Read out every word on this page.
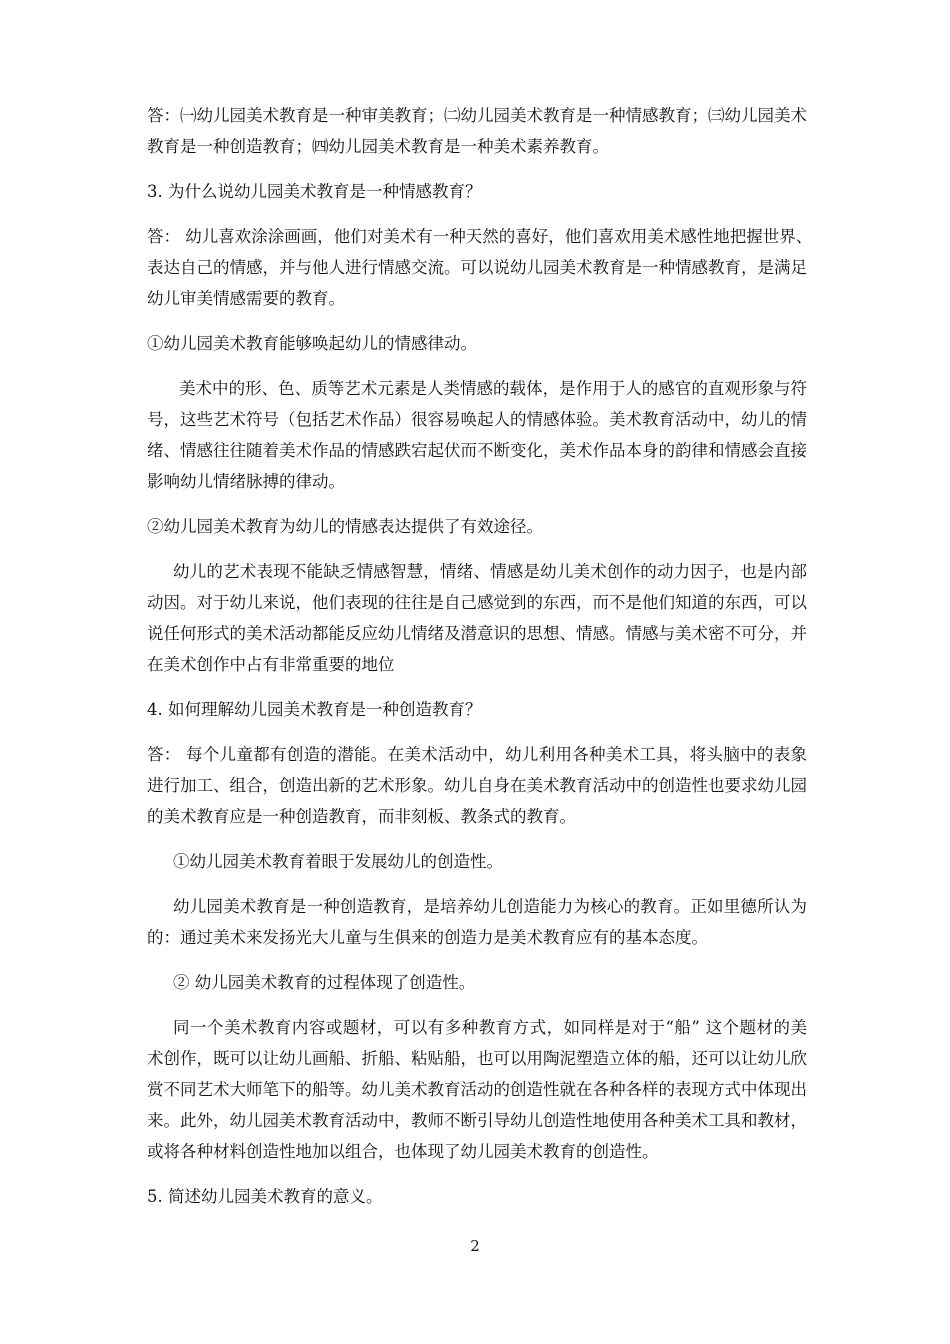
2
答：㈠幼儿园美术教育是一种审美教育；㈡幼儿园美术教育是一种情感教育；㈢幼儿园美术
教育是一种创造教育；㈣幼儿园美术教育是一种美术素养教育。
3. 为什么说幼儿园美术教育是一种情感教育？
答： 幼儿喜欢涂涂画画，他们对美术有一种天然的喜好，他们喜欢用美术感性地把握世界、
表达自己的情感，并与他人进行情感交流。可以说幼儿园美术教育是一种情感教育，是满足
幼儿审美情感需要的教育。
①幼儿园美术教育能够唤起幼儿的情感律动。
美术中的形、色、质等艺术元素是人类情感的载体，是作用于人的感官的直观形象与符
号，这些艺术符号（包括艺术作品）很容易唤起人的情感体验。美术教育活动中，幼儿的情
绪、情感往往随着美术作品的情感跌宕起伏而不断变化，美术作品本身的韵律和情感会直接
影响幼儿情绪脉搏的律动。
②幼儿园美术教育为幼儿的情感表达提供了有效途径。
幼儿的艺术表现不能缺乏情感智慧，情绪、情感是幼儿美术创作的动力因子，也是内部
动因。对于幼儿来说，他们表现的往往是自己感觉到的东西，而不是他们知道的东西，可以
说任何形式的美术活动都能反应幼儿情绪及潜意识的思想、情感。情感与美术密不可分，并
在美术创作中占有非常重要的地位
4. 如何理解幼儿园美术教育是一种创造教育？
答： 每个儿童都有创造的潜能。在美术活动中，幼儿利用各种美术工具，将头脑中的表象
进行加工、组合，创造出新的艺术形象。幼儿自身在美术教育活动中的创造性也要求幼儿园
的美术教育应是一种创造教育，而非刻板、教条式的教育。
①幼儿园美术教育着眼于发展幼儿的创造性。
幼儿园美术教育是一种创造教育，是培养幼儿创造能力为核心的教育。正如里德所认为
的：通过美术来发扬光大儿童与生俱来的创造力是美术教育应有的基本态度。
② 幼儿园美术教育的过程体现了创造性。
同一个美术教育内容或题材，可以有多种教育方式，如同样是对于“船” 这个题材的美
术创作，既可以让幼儿画船、折船、粘贴船，也可以用陶泥塑造立体的船，还可以让幼儿欣
赏不同艺术大师笔下的船等。幼儿美术教育活动的创造性就在各种各样的表现方式中体现出
来。此外，幼儿园美术教育活动中，教师不断引导幼儿创造性地使用各种美术工具和教材，
或将各种材料创造性地加以组合，也体现了幼儿园美术教育的创造性。
5. 简述幼儿园美术教育的意义。
